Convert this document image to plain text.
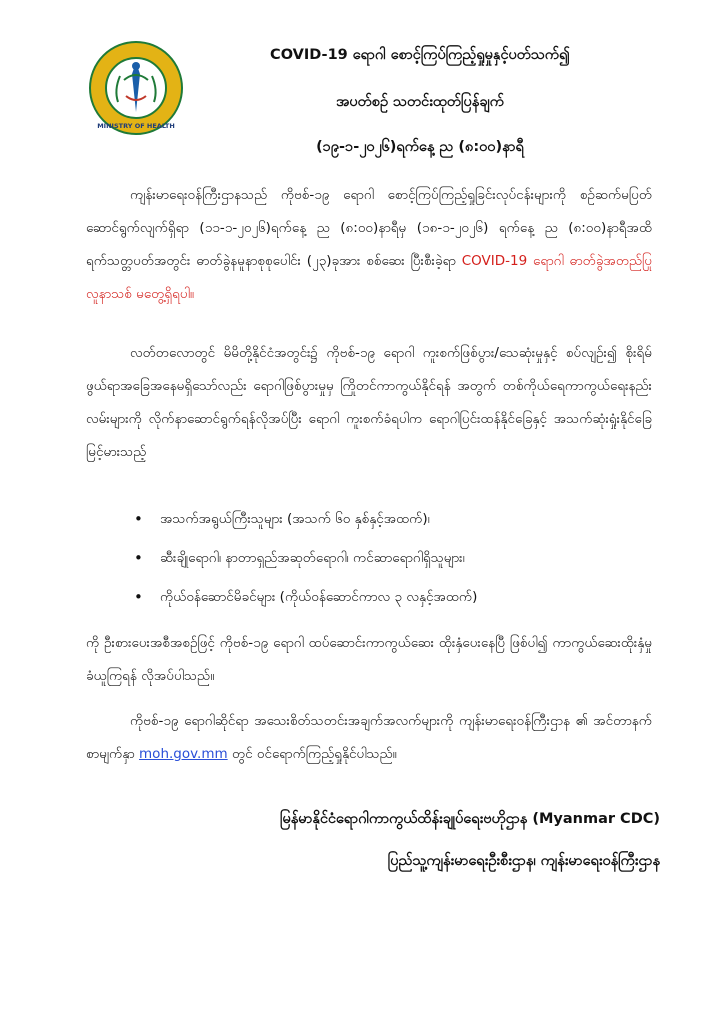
MINISTRY OF HEALTH
COVID-19 ရောဂါ စောင့်ကြပ်ကြည့်ရှုမှုနှင့်ပတ်သက်၍
အပတ်စဉ် သတင်းထုတ်ပြန်ချက်
(၁၉-၁-၂၀၂၆)ရက်နေ့ ည (၈:၀၀)နာရီ
ကျန်းမာရေးဝန်ကြီးဌာနသည် ကိုဗစ်-၁၉ ရောဂါ စောင့်ကြပ်ကြည့်ရှုခြင်းလုပ်ငန်းများကို စဉ်ဆက်မပြတ် ဆောင်ရွက်လျက်ရှိရာ (၁၁-၁-၂၀၂၆)ရက်နေ့ ည (၈:၀၀)နာရီမှ (၁၈-၁-၂၀၂၆) ရက်နေ့ ည (၈:၀၀)နာရီအထိ ရက်သတ္တပတ်အတွင်း ဓာတ်ခွဲနမူနာစုစုပေါင်း (၂၃)ခုအား စစ်ဆေး ပြီးစီးခဲ့ရာ COVID-19 ရောဂါ ဓာတ်ခွဲအတည်ပြုလူနာသစ် မတွေ့ရှိရပါ။
လတ်တလောတွင် မိမိတို့နိုင်ငံအတွင်း၌ ကိုဗစ်-၁၉ ရောဂါ ကူးစက်ဖြစ်ပွား/သေဆုံးမှုနှင့် စပ်လျဉ်း၍ စိုးရိမ်ဖွယ်ရာအခြေအနေမရှိသော်လည်း ရောဂါဖြစ်ပွားမှုမှ ကြိုတင်ကာကွယ်နိုင်ရန် အတွက် တစ်ကိုယ်ရေကာကွယ်ရေးနည်းလမ်းများကို လိုက်နာဆောင်ရွက်ရန်လိုအပ်ပြီး ရောဂါ ကူးစက်ခံရပါက ရောဂါပြင်းထန်နိုင်ခြေနှင့် အသက်ဆုံးရှုံးနိုင်ခြေမြင့်မားသည့်
• အသက်အရွယ်ကြီးသူများ (အသက် ၆၀ နှစ်နှင့်အထက်)၊
• ဆီးချိုရောဂါ၊ နာတာရှည်အဆုတ်ရောဂါ၊ ကင်ဆာရောဂါရှိသူများ၊
• ကိုယ်ဝန်ဆောင်မိခင်များ (ကိုယ်ဝန်ဆောင်ကာလ ၃ လနှင့်အထက်)
ကို ဦးစားပေးအစီအစဉ်ဖြင့် ကိုဗစ်-၁၉ ရောဂါ ထပ်ဆောင်းကာကွယ်ဆေး ထိုးနှံပေးနေပြီ ဖြစ်ပါ၍ ကာကွယ်ဆေးထိုးနှံမှု ခံယူကြရန် လိုအပ်ပါသည်။
ကိုဗစ်-၁၉ ရောဂါဆိုင်ရာ အသေးစိတ်သတင်းအချက်အလက်များကို ကျန်းမာရေးဝန်ကြီးဌာန ၏ အင်တာနက်စာမျက်နှာ moh.gov.mm တွင် ဝင်ရောက်ကြည့်ရှုနိုင်ပါသည်။
မြန်မာနိုင်ငံရောဂါကာကွယ်ထိန်းချုပ်ရေးဗဟိုဌာန (Myanmar CDC)
ပြည်သူ့ကျန်းမာရေးဦးစီးဌာန၊ ကျန်းမာရေးဝန်ကြီးဌာန
